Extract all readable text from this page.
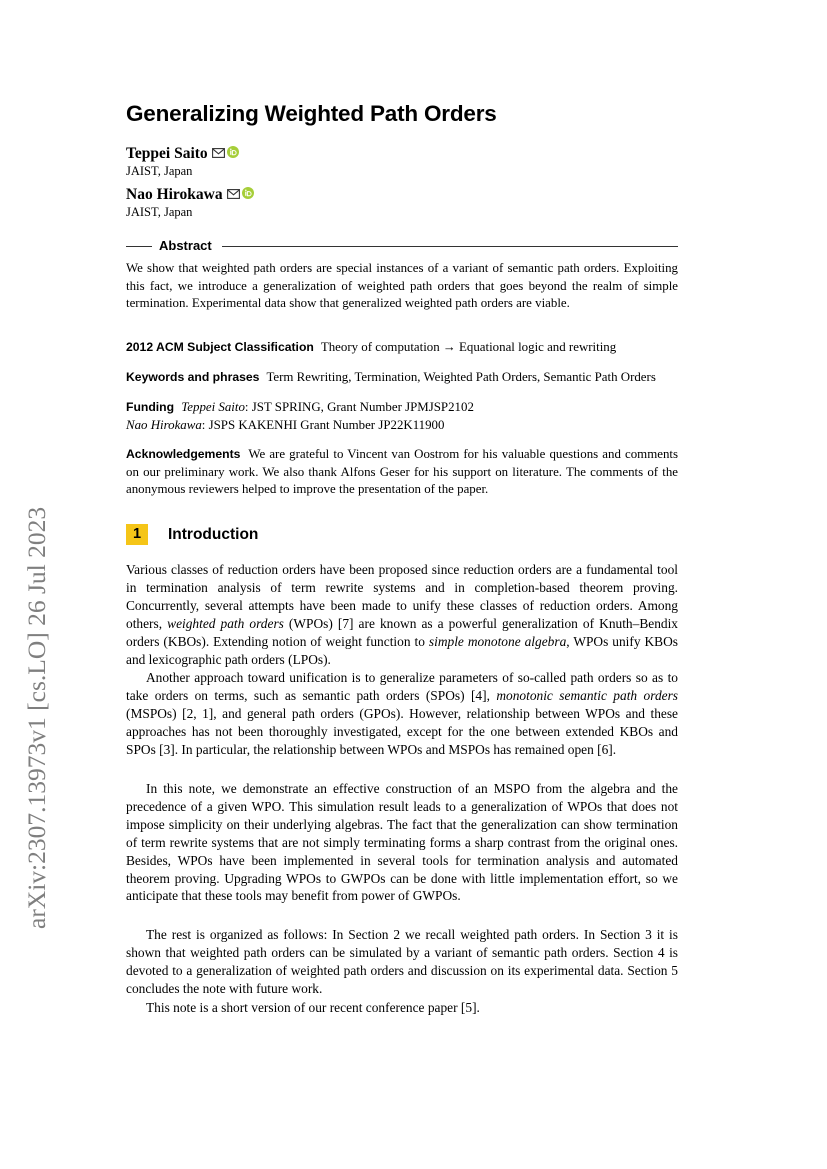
arXiv:2307.13973v1 [cs.LO] 26 Jul 2023
Generalizing Weighted Path Orders
Teppei Saito
JAIST, Japan
Nao Hirokawa
JAIST, Japan
Abstract
We show that weighted path orders are special instances of a variant of semantic path orders. Exploiting this fact, we introduce a generalization of weighted path orders that goes beyond the realm of simple termination. Experimental data show that generalized weighted path orders are viable.
2012 ACM Subject Classification Theory of computation → Equational logic and rewriting
Keywords and phrases Term Rewriting, Termination, Weighted Path Orders, Semantic Path Orders
Funding Teppei Saito: JST SPRING, Grant Number JPMJSP2102
Nao Hirokawa: JSPS KAKENHI Grant Number JP22K11900
Acknowledgements We are grateful to Vincent van Oostrom for his valuable questions and comments on our preliminary work. We also thank Alfons Geser for his support on literature. The comments of the anonymous reviewers helped to improve the presentation of the paper.
1	Introduction
Various classes of reduction orders have been proposed since reduction orders are a fundamental tool in termination analysis of term rewrite systems and in completion-based theorem proving. Concurrently, several attempts have been made to unify these classes of reduction orders. Among others, weighted path orders (WPOs) [7] are known as a powerful generalization of Knuth–Bendix orders (KBOs). Extending notion of weight function to simple monotone algebra, WPOs unify KBOs and lexicographic path orders (LPOs).
Another approach toward unification is to generalize parameters of so-called path orders so as to take orders on terms, such as semantic path orders (SPOs) [4], monotonic semantic path orders (MSPOs) [2, 1], and general path orders (GPOs). However, relationship between WPOs and these approaches has not been thoroughly investigated, except for the one between extended KBOs and SPOs [3]. In particular, the relationship between WPOs and MSPOs has remained open [6].
In this note, we demonstrate an effective construction of an MSPO from the algebra and the precedence of a given WPO. This simulation result leads to a generalization of WPOs that does not impose simplicity on their underlying algebras. The fact that the generalization can show termination of term rewrite systems that are not simply terminating forms a sharp contrast from the original ones. Besides, WPOs have been implemented in several tools for termination analysis and automated theorem proving. Upgrading WPOs to GWPOs can be done with little implementation effort, so we anticipate that these tools may benefit from power of GWPOs.
The rest is organized as follows: In Section 2 we recall weighted path orders. In Section 3 it is shown that weighted path orders can be simulated by a variant of semantic path orders. Section 4 is devoted to a generalization of weighted path orders and discussion on its experimental data. Section 5 concludes the note with future work.
This note is a short version of our recent conference paper [5].
